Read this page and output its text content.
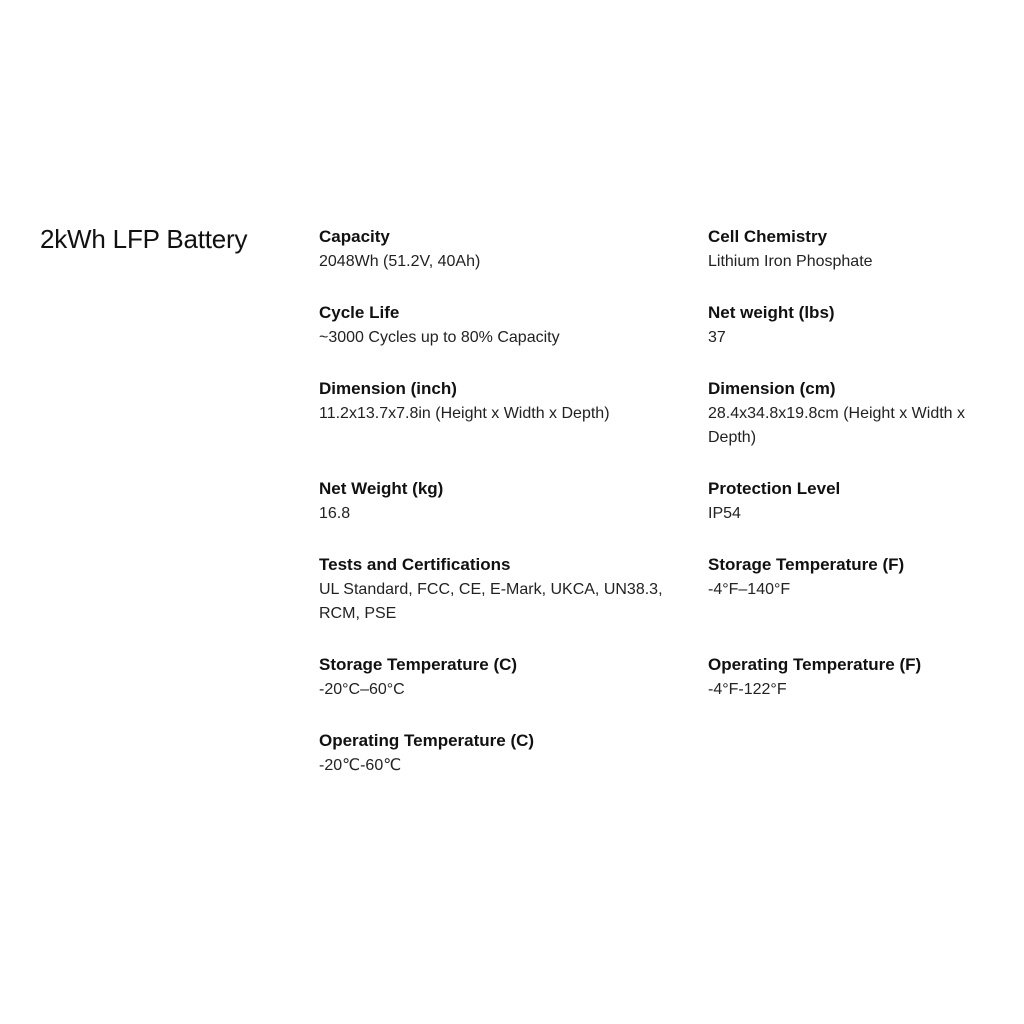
2kWh LFP Battery	Capacity
2048Wh (51.2V, 40Ah)
Cycle Life
~3000 Cycles up to 80% Capacity
Dimension (inch)
11.2x13.7x7.8in (Height x Width x Depth)
Net Weight (kg)
16.8
Tests and Certifications
UL Standard, FCC, CE, E-Mark, UKCA, UN38.3, RCM, PSE
Storage Temperature (C)
-20°C–60°C
Operating Temperature (C)
-20℃-60℃
Cell Chemistry
Lithium Iron Phosphate
Net weight (lbs)
37
Dimension (cm)
28.4x34.8x19.8cm (Height x Width x Depth)
Protection Level
IP54
Storage Temperature (F)
-4°F–140°F
Operating Temperature (F)
-4°F-122°F
